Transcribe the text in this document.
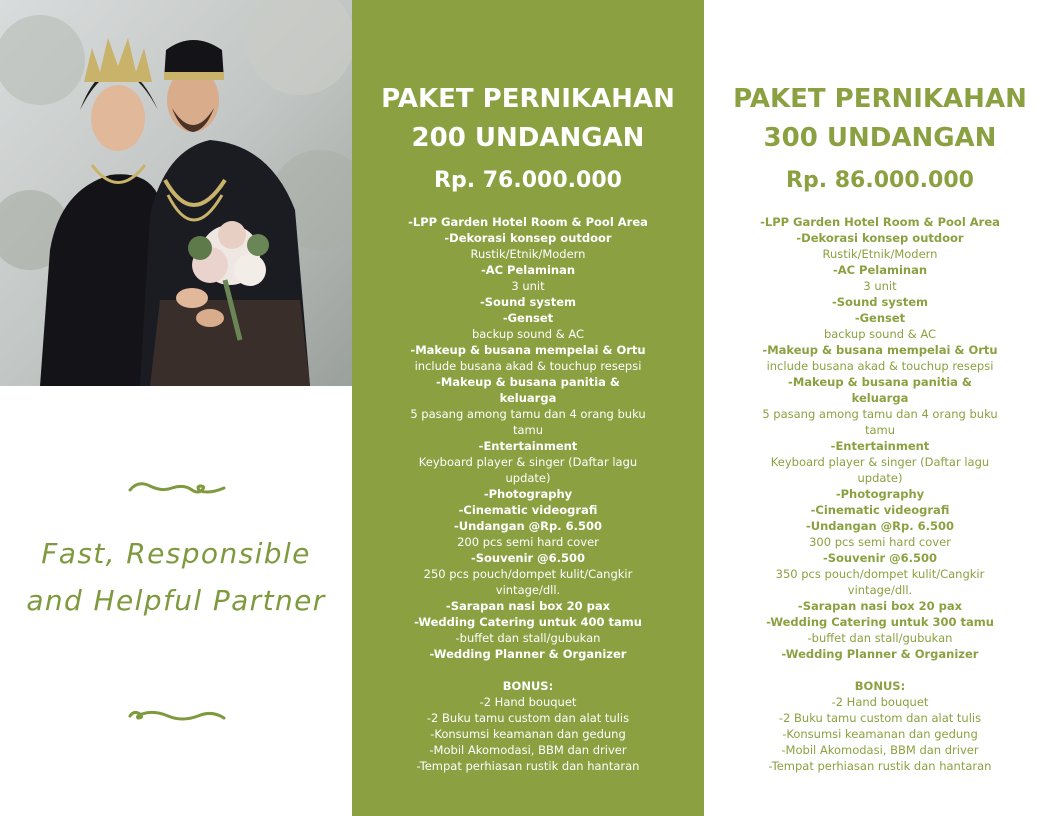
Fast, Responsible
and Helpful Partner
PAKET PERNIKAHAN
200 UNDANGAN
Rp. 76.000.000
-LPP Garden Hotel Room & Pool Area
-Dekorasi konsep outdoor
Rustik/Etnik/Modern
-AC Pelaminan
3 unit
-Sound system
-Genset
backup sound & AC
-Makeup & busana mempelai & Ortu
include busana akad & touchup resepsi
-Makeup & busana panitia & keluarga
5 pasang among tamu dan 4 orang buku tamu
-Entertainment
Keyboard player & singer (Daftar lagu update)
-Photography
-Cinematic videografi
-Undangan @Rp. 6.500
200 pcs semi hard cover
-Souvenir @6.500
250 pcs pouch/dompet kulit/Cangkir vintage/dll.
-Sarapan nasi box 20 pax
-Wedding Catering untuk 400 tamu
-buffet dan stall/gubukan
-Wedding Planner & Organizer
BONUS:
-2 Hand bouquet
-2 Buku tamu custom dan alat tulis
-Konsumsi keamanan dan gedung
-Mobil Akomodasi, BBM dan driver
-Tempat perhiasan rustik dan hantaran
PAKET PERNIKAHAN
300 UNDANGAN
Rp. 86.000.000
-LPP Garden Hotel Room & Pool Area
-Dekorasi konsep outdoor
Rustik/Etnik/Modern
-AC Pelaminan
3 unit
-Sound system
-Genset
backup sound & AC
-Makeup & busana mempelai & Ortu
include busana akad & touchup resepsi
-Makeup & busana panitia & keluarga
5 pasang among tamu dan 4 orang buku tamu
-Entertainment
Keyboard player & singer (Daftar lagu update)
-Photography
-Cinematic videografi
-Undangan @Rp. 6.500
300 pcs semi hard cover
-Souvenir @6.500
350 pcs pouch/dompet kulit/Cangkir vintage/dll.
-Sarapan nasi box 20 pax
-Wedding Catering untuk 300 tamu
-buffet dan stall/gubukan
-Wedding Planner & Organizer
BONUS:
-2 Hand bouquet
-2 Buku tamu custom dan alat tulis
-Konsumsi keamanan dan gedung
-Mobil Akomodasi, BBM dan driver
-Tempat perhiasan rustik dan hantaran
